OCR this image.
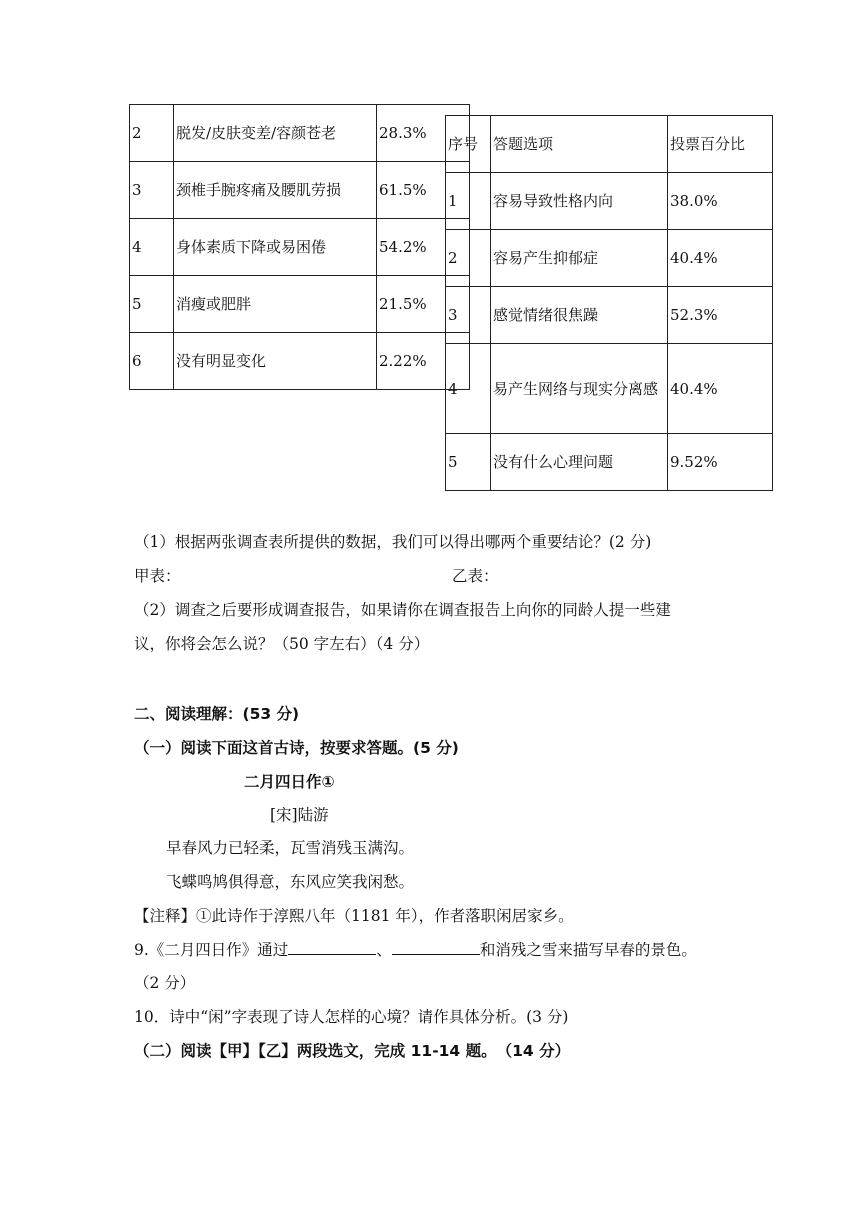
2	脱发/皮肤变差/容颜苍老	28.3%
3	颈椎手腕疼痛及腰肌劳损	61.5%
4	身体素质下降或易困倦	54.2%
5	消瘦或肥胖	21.5%
6	没有明显变化	2.22%
序号	答题选项	投票百分比
1	容易导致性格内向	38.0%
2	容易产生抑郁症	40.4%
3	感觉情绪很焦躁	52.3%
4	易产生网络与现实分离感	40.4%
5	没有什么心理问题	9.52%
（1）根据两张调查表所提供的数据，我们可以得出哪两个重要结论？(2 分)
甲表：	乙表：
（2）调查之后要形成调查报告，如果请你在调查报告上向你的同龄人提一些建
议，你将会怎么说？（50 字左右）（4 分）
二、阅读理解：(53 分)
（一）阅读下面这首古诗，按要求答题。(5 分)
二月四日作①
[宋]陆游
早春风力已轻柔，瓦雪消残玉满沟。
飞蝶鸣鸠俱得意，东风应笑我闲愁。
【注释】①此诗作于淳熙八年（1181 年），作者落职闲居家乡。
9.《二月四日作》通过	、	和消残之雪来描写早春的景色。
（2 分）
10．诗中“闲”字表现了诗人怎样的心境？请作具体分析。(3 分)
（二）阅读【甲】【乙】两段选文，完成 11-14 题。　（14 分）
